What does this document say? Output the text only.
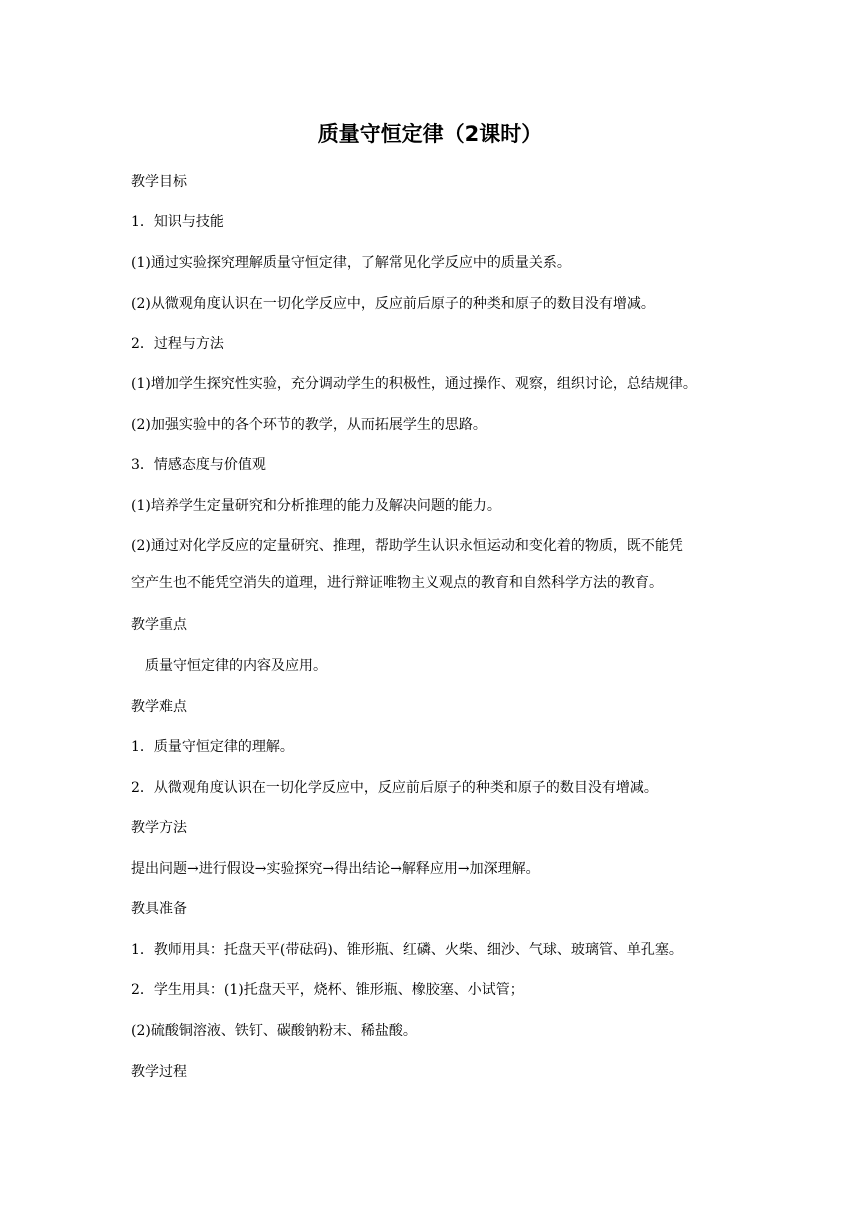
质量守恒定律（2课时）
教学目标
1．知识与技能
(1)通过实验探究理解质量守恒定律，了解常见化学反应中的质量关系。
(2)从微观角度认识在一切化学反应中，反应前后原子的种类和原子的数目没有增减。
2．过程与方法
(1)增加学生探究性实验，充分调动学生的积极性，通过操作、观察，组织讨论，总结规律。
(2)加强实验中的各个环节的教学，从而拓展学生的思路。
3．情感态度与价值观
(1)培养学生定量研究和分析推理的能力及解决问题的能力。
(2)通过对化学反应的定量研究、推理，帮助学生认识永恒运动和变化着的物质，既不能凭
空产生也不能凭空消失的道理，进行辩证唯物主义观点的教育和自然科学方法的教育。
教学重点
质量守恒定律的内容及应用。
教学难点
1．质量守恒定律的理解。
2．从微观角度认识在一切化学反应中，反应前后原子的种类和原子的数目没有增减。
教学方法
提出问题→进行假设→实验探究→得出结论→解释应用→加深理解。
教具准备
1．教师用具：托盘天平(带砝码)、锥形瓶、红磷、火柴、细沙、气球、玻璃管、单孔塞。
2．学生用具：(1)托盘天平，烧杯、锥形瓶、橡胶塞、小试管；
(2)硫酸铜溶液、铁钉、碳酸钠粉末、稀盐酸。
教学过程
